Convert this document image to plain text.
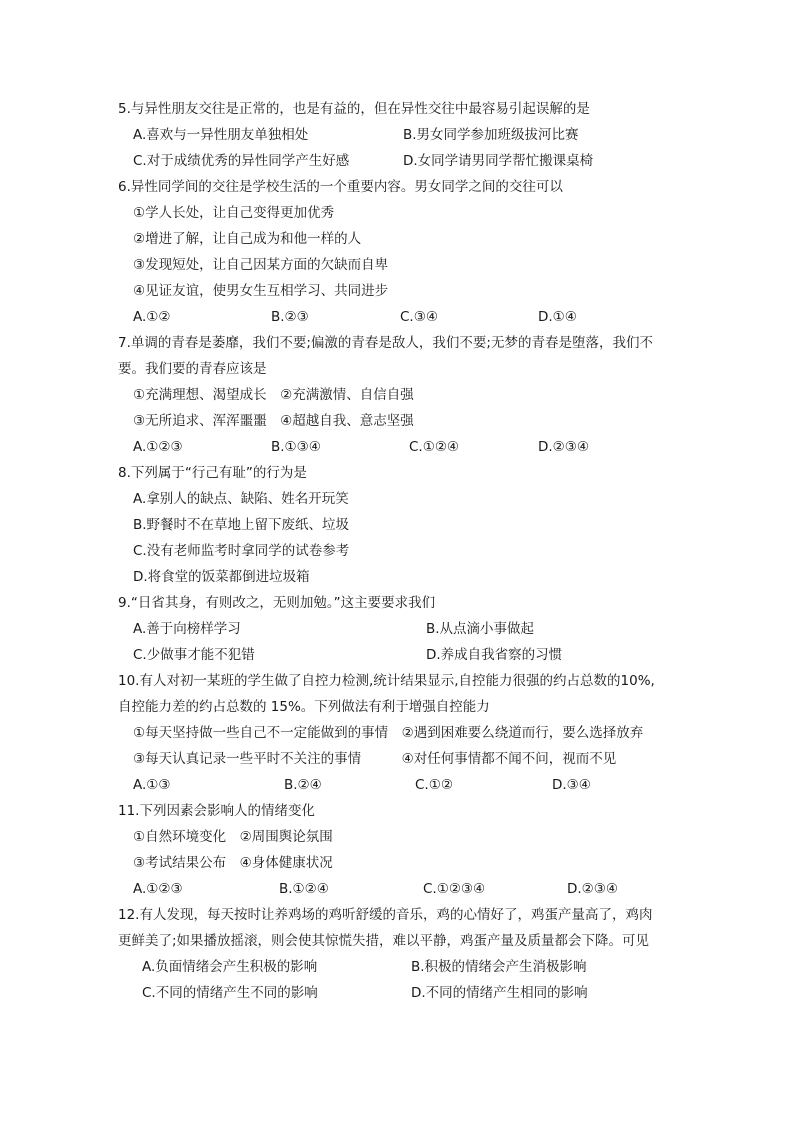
5.与异性朋友交往是正常的，也是有益的，但在异性交往中最容易引起误解的是
A.喜欢与一异性朋友单独相处	B.男女同学参加班级拔河比赛
C.对于成绩优秀的异性同学产生好感	D.女同学请男同学帮忙搬课桌椅
6.异性同学间的交往是学校生活的一个重要内容。男女同学之间的交往可以
①学人长处，让自己变得更加优秀
②增进了解，让自己成为和他一样的人
③发现短处，让自己因某方面的欠缺而自卑
④见证友谊，使男女生互相学习、共同进步
A.①②	B.②③	C.③④	D.①④
7.单调的青春是萎靡，我们不要;偏激的青春是敌人，我们不要;无梦的青春是堕落，我们不
要。我们要的青春应该是
①充满理想、渴望成长　②充满激情、自信自强
③无所追求、浑浑噩噩　④超越自我、意志坚强
A.①②③	B.①③④	C.①②④	D.②③④
8.下列属于“行己有耻”的行为是
A.拿别人的缺点、缺陷、姓名开玩笑
B.野餐时不在草地上留下废纸、垃圾
C.没有老师监考时拿同学的试卷参考
D.将食堂的饭菜都倒进垃圾箱
9.“日省其身，有则改之，无则加勉。”这主要要求我们
A.善于向榜样学习	B.从点滴小事做起
C.少做事才能不犯错	D.养成自我省察的习惯
10.有人对初一某班的学生做了自控力检测,统计结果显示,自控能力很强的约占总数的10%,
自控能力差的约占总数的 15%。下列做法有利于增强自控能力
①每天坚持做一些自己不一定能做到的事情　②遇到困难要么绕道而行，要么选择放弃
③每天认真记录一些平时不关注的事情　　　④对任何事情都不闻不问，视而不见
A.①③	B.②④	C.①②	D.③④
11.下列因素会影响人的情绪变化
①自然环境变化　②周围舆论氛围
③考试结果公布　④身体健康状况
A.①②③	B.①②④	C.①②③④	D.②③④
12.有人发现，每天按时让养鸡场的鸡听舒缓的音乐，鸡的心情好了，鸡蛋产量高了，鸡肉
更鲜美了;如果播放摇滚，则会使其惊慌失措，难以平静，鸡蛋产量及质量都会下降。可见
A.负面情绪会产生积极的影响	B.积极的情绪会产生消极影响
C.不同的情绪产生不同的影响	D.不同的情绪产生相同的影响
